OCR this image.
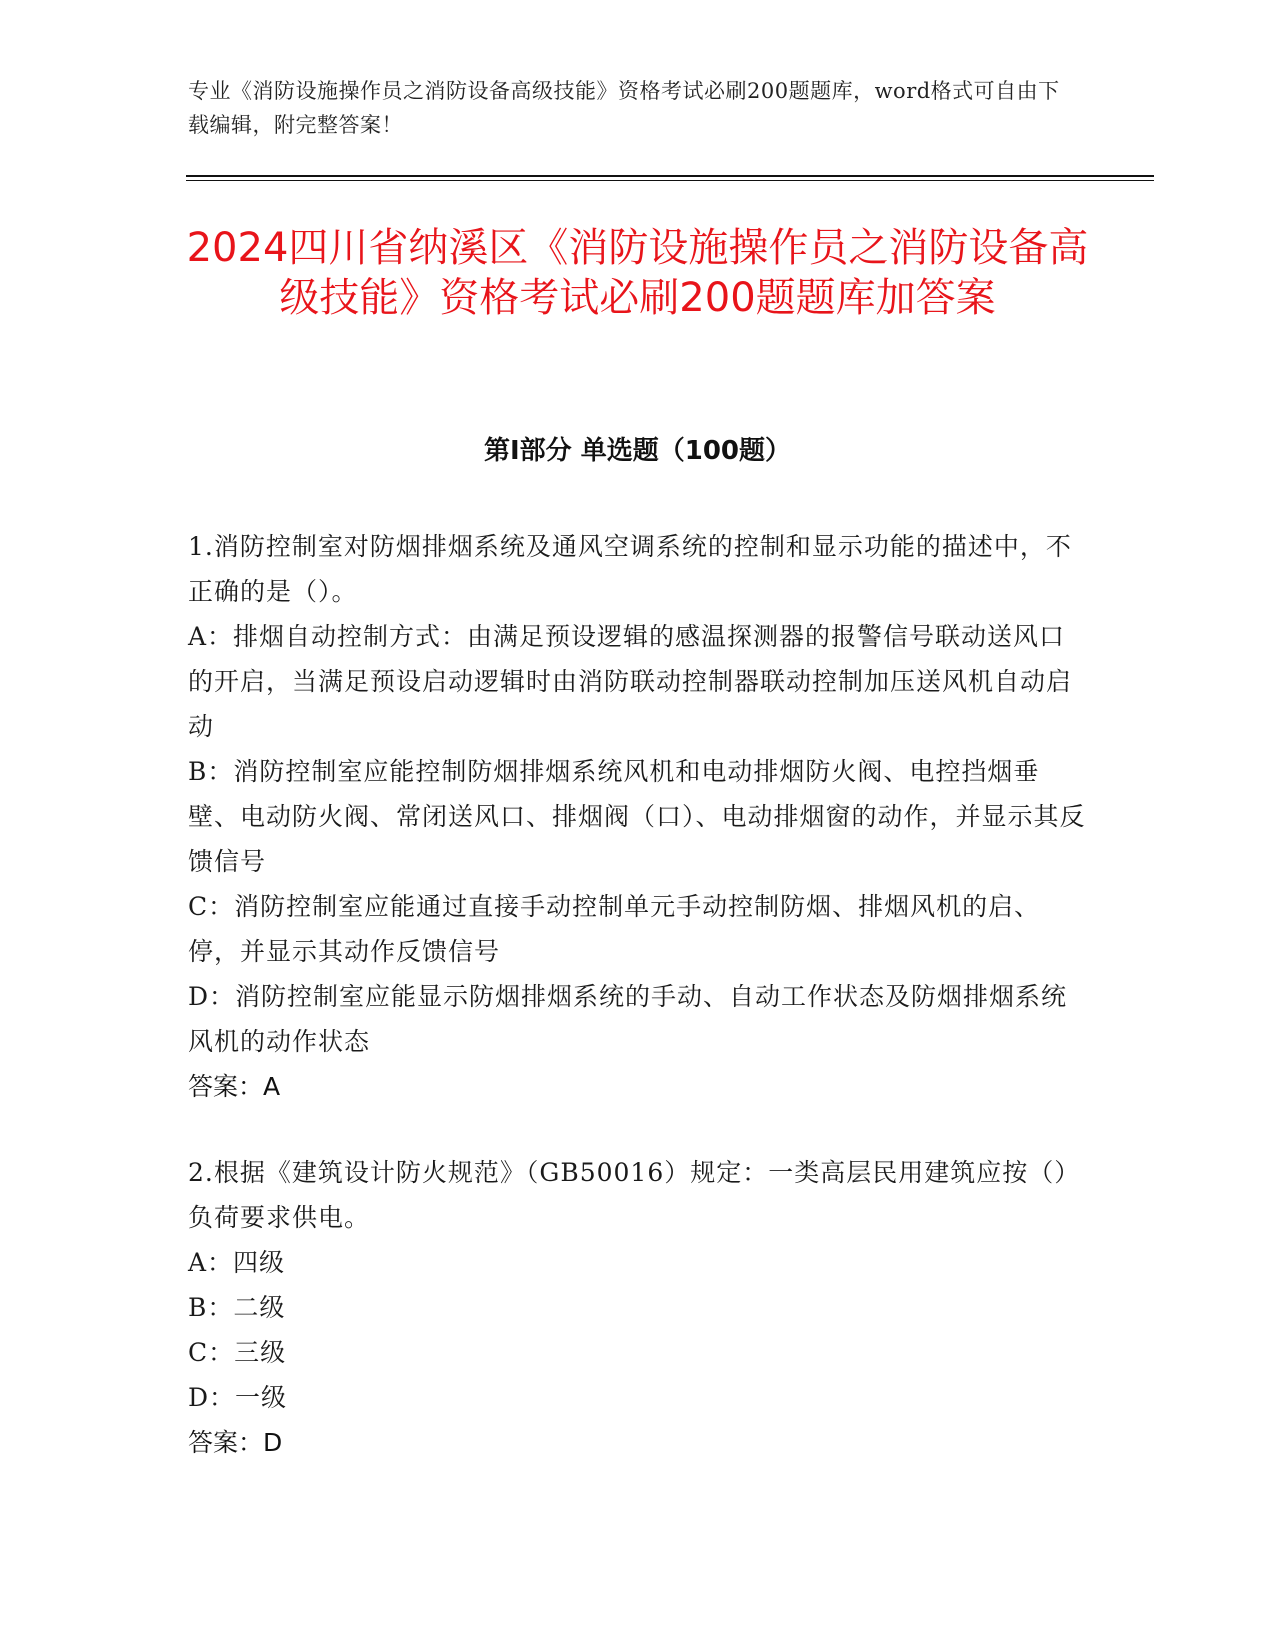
专业《消防设施操作员之消防设备高级技能》资格考试必刷200题题库，word格式可自由下载编辑，附完整答案！
2024四川省纳溪区《消防设施操作员之消防设备高级技能》资格考试必刷200题题库加答案
第I部分 单选题（100题）

1.消防控制室对防烟排烟系统及通风空调系统的控制和显示功能的描述中，不正确的是（）。

A：排烟自动控制方式：由满足预设逻辑的感温探测器的报警信号联动送风口的开启，当满足预设启动逻辑时由消防联动控制器联动控制加压送风机自动启动

B：消防控制室应能控制防烟排烟系统风机和电动排烟防火阀、电控挡烟垂壁、电动防火阀、常闭送风口、排烟阀（口）、电动排烟窗的动作，并显示其反馈信号

C：消防控制室应能通过直接手动控制单元手动控制防烟、排烟风机的启、停，并显示其动作反馈信号

D：消防控制室应能显示防烟排烟系统的手动、自动工作状态及防烟排烟系统风机的动作状态

答案：A

2.根据《建筑设计防火规范》（GB50016）规定：一类高层民用建筑应按（）负荷要求供电。

A：四级

B：二级

C：三级

D：一级

答案：D
